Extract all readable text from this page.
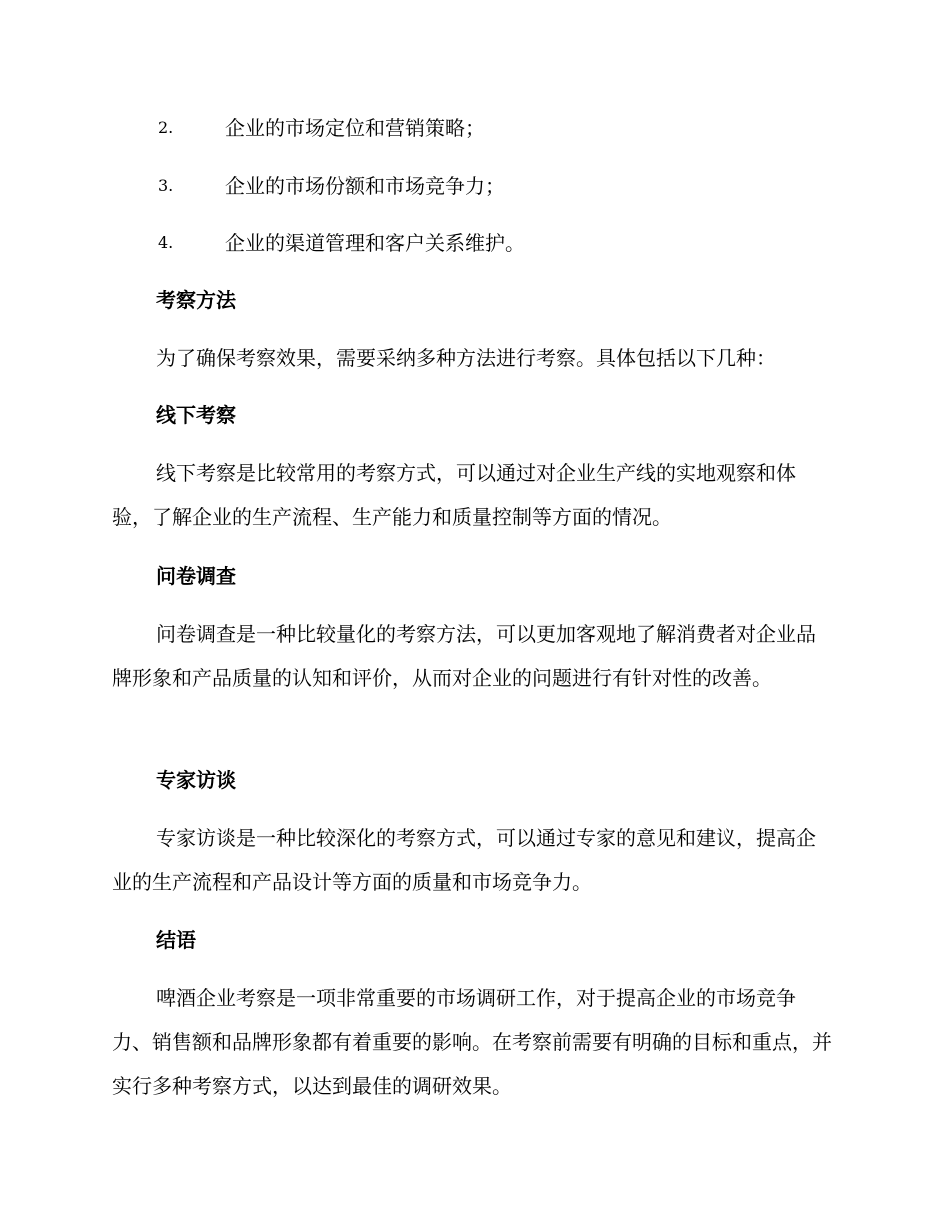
2.	企业的市场定位和营销策略；
3.	企业的市场份额和市场竞争力；
4.	企业的渠道管理和客户关系维护。
考察方法

为了确保考察效果，需要采纳多种方法进行考察。具体包括以下几种：

线下考察

线下考察是比较常用的考察方式，可以通过对企业生产线的实地观察和体验，了解企业的生产流程、生产能力和质量控制等方面的情况。

问卷调查

问卷调查是一种比较量化的考察方法，可以更加客观地了解消费者对企业品牌形象和产品质量的认知和评价，从而对企业的问题进行有针对性的改善。

专家访谈

专家访谈是一种比较深化的考察方式，可以通过专家的意见和建议，提高企业的生产流程和产品设计等方面的质量和市场竞争力。

结语

啤酒企业考察是一项非常重要的市场调研工作，对于提高企业的市场竞争力、销售额和品牌形象都有着重要的影响。在考察前需要有明确的目标和重点，并实行多种考察方式，以达到最佳的调研效果。
